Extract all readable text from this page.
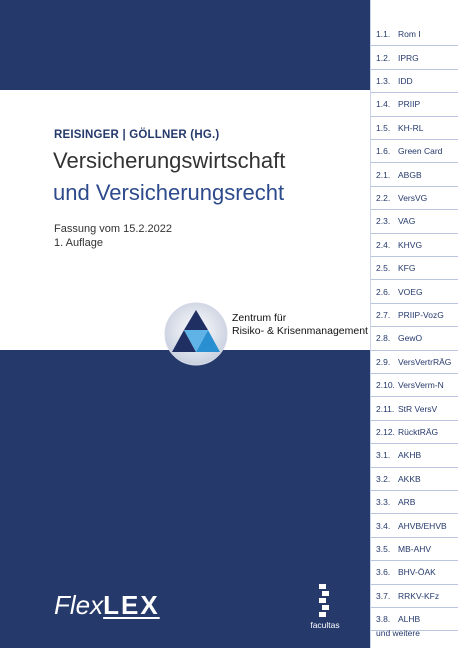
REISINGER | GÖLLNER (HG.)
Versicherungswirtschaft
und Versicherungsrecht
Fassung vom 15.2.2022
1. Auflage
Zentrum für
Risiko- & Krisenmanagement
FlexLEX
facultas
1.1. Rom I
1.2. IPRG
1.3. IDD
1.4. PRIIP
1.5. KH-RL
1.6. Green Card
2.1. ABGB
2.2. VersVG
2.3. VAG
2.4. KHVG
2.5. KFG
2.6. VOEG
2.7. PRIIP-VozG
2.8. GewO
2.9. VersVertrRÄG
2.10. VersVerm-N
2.11. StR VersV
2.12. RücktRÄG
3.1. AKHB
3.2. AKKB
3.3. ARB
3.4. AHVB/EHVB
3.5. MB-AHV
3.6. BHV-ÖAK
3.7. RRKV-KFz
3.8. ALHB
und weitere
